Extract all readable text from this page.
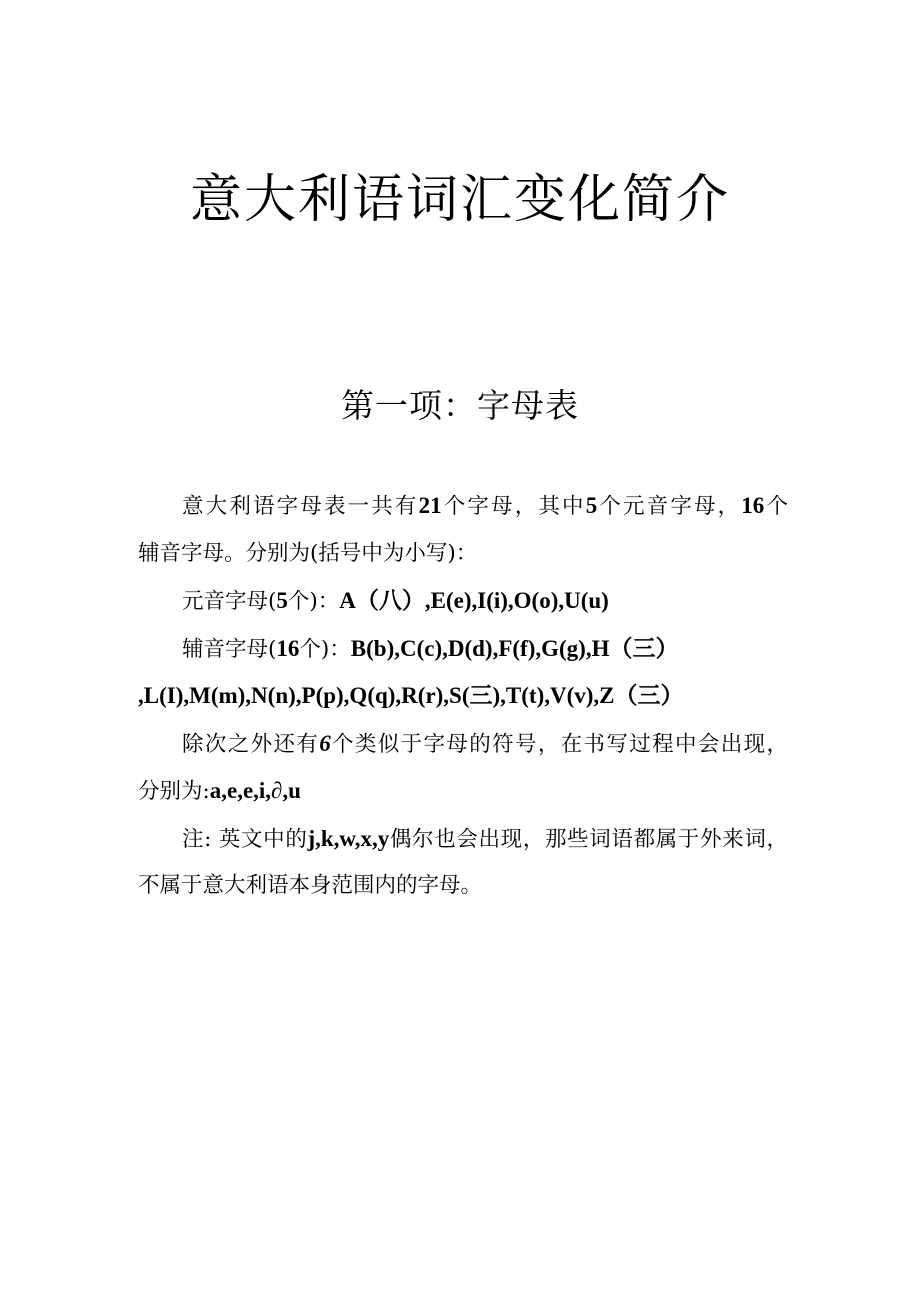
意大利语词汇变化简介
第一项：字母表
意大利语字母表一共有21个字母，其中5个元音字母，16个
辅音字母。分别为(括号中为小写)：
元音字母(5个)：A（八）,E(e),I(i),O(o),U(u)
辅音字母(16个)：B(b),C(c),D(d),F(f),G(g),H（三）
,L(I),M(m),N(n),P(p),Q(q),R(r),S(三),T(t),V(v),Z（三）
除次之外还有6个类似于字母的符号，在书写过程中会出现，
分别为:a,e,e,i,∂,u
注: 英文中的j,k,w,x,y偶尔也会出现，那些词语都属于外来词，
不属于意大利语本身范围内的字母。
